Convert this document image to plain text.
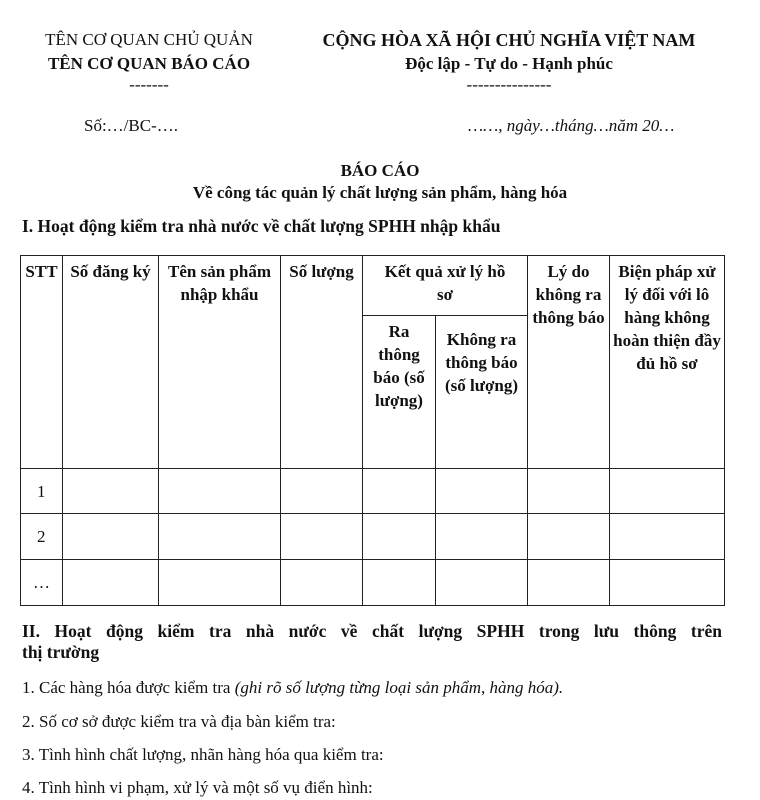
TÊN CƠ QUAN CHỦ QUẢN
TÊN CƠ QUAN BÁO CÁO
-------
CỘNG HÒA XÃ HỘI CHỦ NGHĨA VIỆT NAM
Độc lập - Tự do - Hạnh phúc
---------------
Số:…/BC-….	……, ngày…tháng…năm 20…
BÁO CÁO
Về công tác quản lý chất lượng sản phẩm, hàng hóa
I. Hoạt động kiểm tra nhà nước về chất lượng SPHH nhập khẩu
STT	Số đăng ký	Tên sản phẩm nhập khẩu	Số lượng	Kết quả xử lý hồ sơ		Lý do không ra thông báo	Biện pháp xử lý đối với lô hàng không hoàn thiện đầy đủ hồ sơ
				Ra thông báo (số lượng)	Không ra thông báo (số lượng)		
1							
2							
…							
II. Hoạt động kiểm tra nhà nước về chất lượng SPHH trong lưu thông trên
thị trường
1. Các hàng hóa được kiểm tra (ghi rõ số lượng từng loại sản phẩm, hàng hóa).
2. Số cơ sở được kiểm tra và địa bàn kiểm tra:
3. Tình hình chất lượng, nhãn hàng hóa qua kiểm tra:
4. Tình hình vi phạm, xử lý và một số vụ điển hình:
